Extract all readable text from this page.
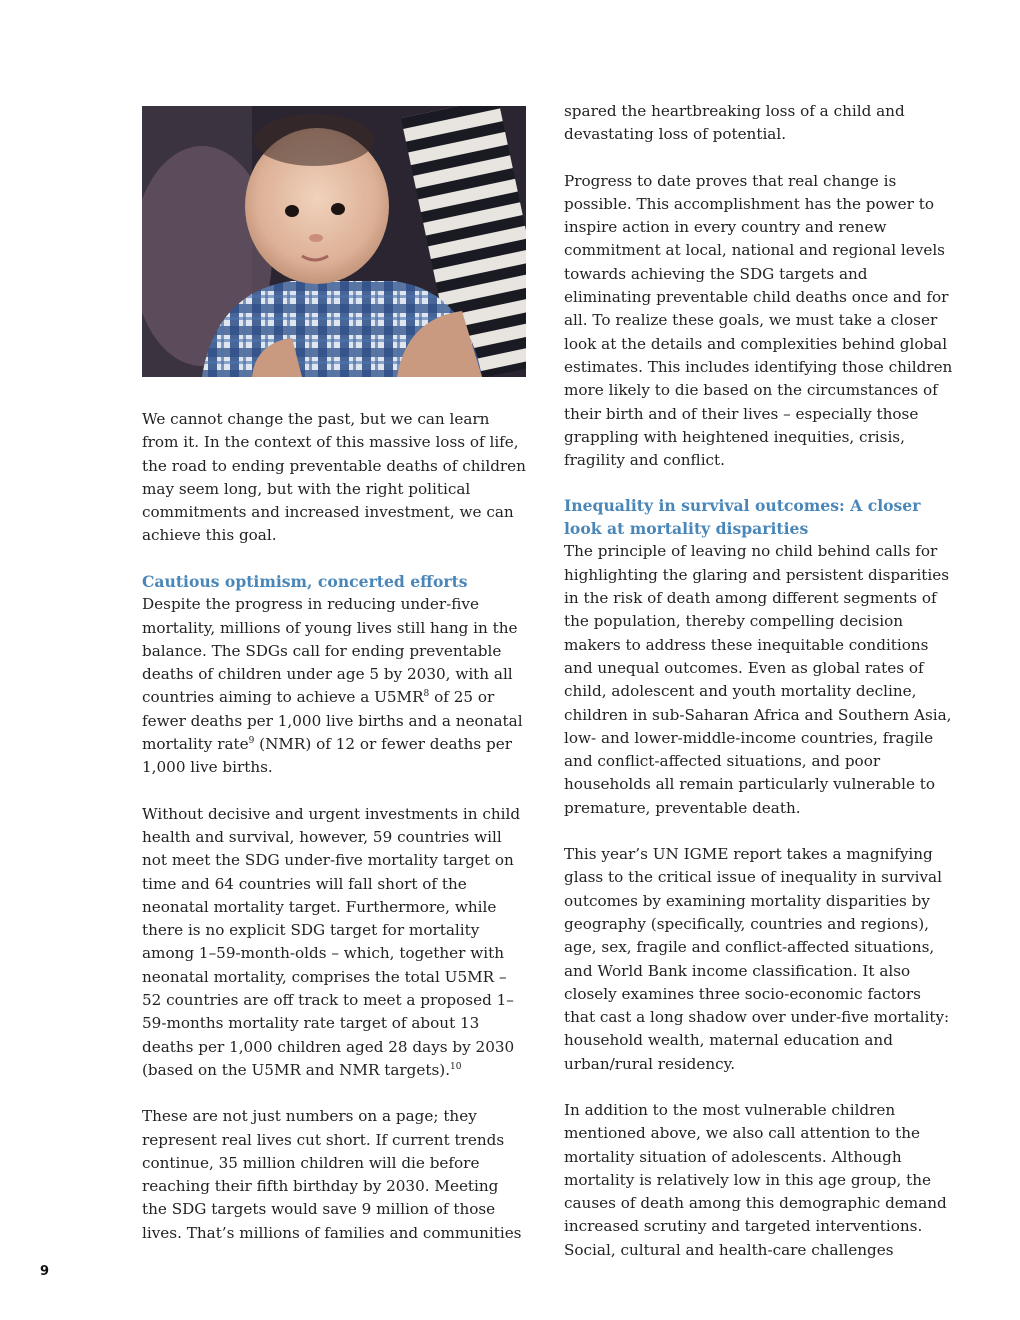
We cannot change the past, but we can learn from it. In the context of this massive loss of life, the road to ending preventable deaths of children may seem long, but with the right political commitments and increased investment, we can achieve this goal.

Cautious optimism, concerted efforts

Despite the progress in reducing under-five mortality, millions of young lives still hang in the balance. The SDGs call for ending preventable deaths of children under age 5 by 2030, with all countries aiming to achieve a $U5MR^8$ of 25 or fewer deaths per 1,000 live births and a neonatal mortality rate$^9$ (NMR) of 12 or fewer deaths per 1,000 live births.

Without decisive and urgent investments in child health and survival, however, 59 countries will not meet the SDG under-five mortality target on time and 64 countries will fall short of the neonatal mortality target. Furthermore, while there is no explicit SDG target for mortality among 1–59-month-olds – which, together with neonatal mortality, comprises the total U5MR – 52 countries are off track to meet a proposed 1–59-months mortality rate target of about 13 deaths per 1,000 children aged 28 days by 2030 (based on the U5MR and NMR targets).$^{10}$

These are not just numbers on a page; they represent real lives cut short. If current trends continue, 35 million children will die before reaching their fifth birthday by 2030. Meeting the SDG targets would save 9 million of those lives. That’s millions of families and communities

spared the heartbreaking loss of a child and devastating loss of potential.

Progress to date proves that real change is possible. This accomplishment has the power to inspire action in every country and renew commitment at local, national and regional levels towards achieving the SDG targets and eliminating preventable child deaths once and for all. To realize these goals, we must take a closer look at the details and complexities behind global estimates. This includes identifying those children more likely to die based on the circumstances of their birth and of their lives – especially those grappling with heightened inequities, crisis, fragility and conflict.

Inequality in survival outcomes: A closer look at mortality disparities

The principle of leaving no child behind calls for highlighting the glaring and persistent disparities in the risk of death among different segments of the population, thereby compelling decision makers to address these inequitable conditions and unequal outcomes. Even as global rates of child, adolescent and youth mortality decline, children in sub-Saharan Africa and Southern Asia, low- and lower-middle-income countries, fragile and conflict-affected situations, and poor households all remain particularly vulnerable to premature, preventable death.

This year’s UN IGME report takes a magnifying glass to the critical issue of inequality in survival outcomes by examining mortality disparities by geography (specifically, countries and regions), age, sex, fragile and conflict-affected situations, and World Bank income classification. It also closely examines three socio-economic factors that cast a long shadow over under-five mortality: household wealth, maternal education and urban/rural residency.

In addition to the most vulnerable children mentioned above, we also call attention to the mortality situation of adolescents. Although mortality is relatively low in this age group, the causes of death among this demographic demand increased scrutiny and targeted interventions. Social, cultural and health-care challenges

9
